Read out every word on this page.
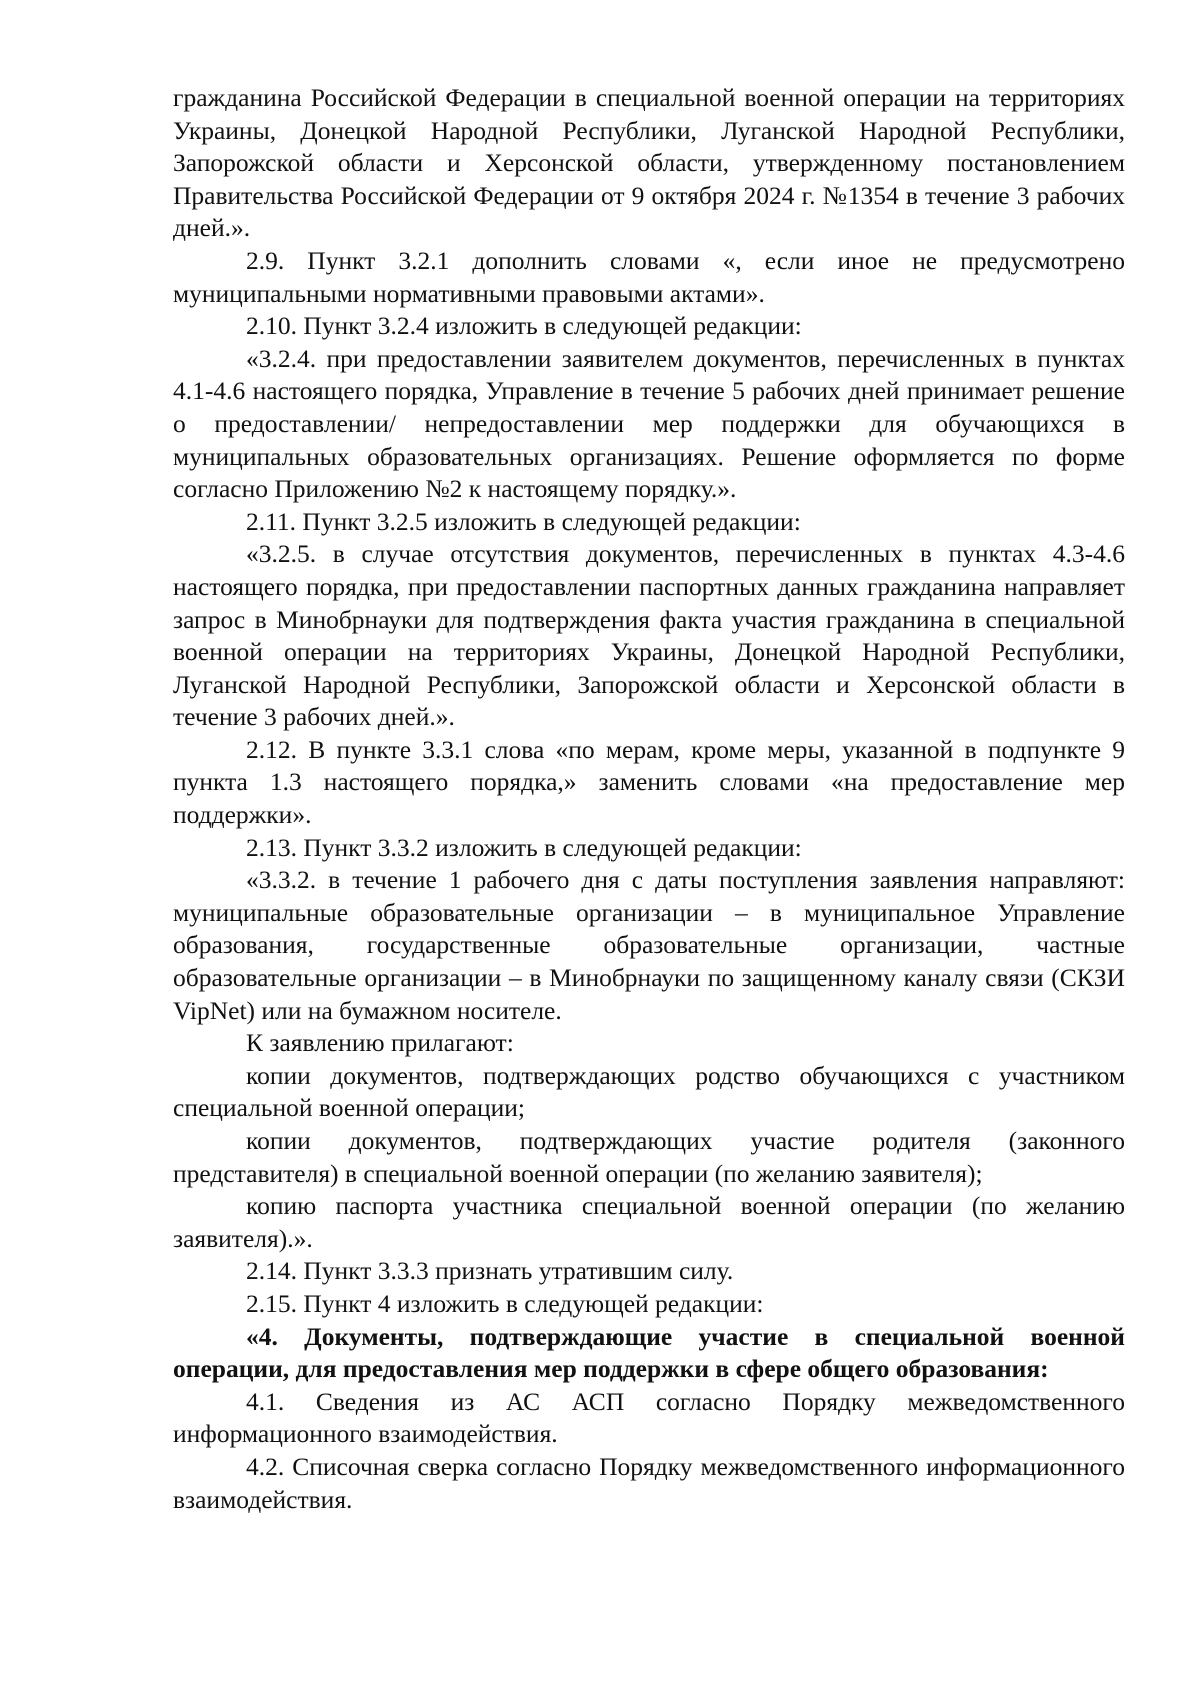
гражданина Российской Федерации в специальной военной операции на территориях Украины, Донецкой Народной Республики, Луганской Народной Республики, Запорожской области и Херсонской области, утвержденному постановлением Правительства Российской Федерации от 9 октября 2024 г. №1354 в течение 3 рабочих дней.».

2.9. Пункт 3.2.1 дополнить словами «, если иное не предусмотрено муниципальными нормативными правовыми актами».

2.10. Пункт 3.2.4 изложить в следующей редакции:

«3.2.4. при предоставлении заявителем документов, перечисленных в пунктах 4.1-4.6 настоящего порядка, Управление в течение 5 рабочих дней принимает решение о предоставлении/ непредоставлении мер поддержки для обучающихся в муниципальных образовательных организациях. Решение оформляется по форме согласно Приложению №2 к настоящему порядку.».

2.11. Пункт 3.2.5 изложить в следующей редакции:

«3.2.5. в случае отсутствия документов, перечисленных в пунктах 4.3-4.6 настоящего порядка, при предоставлении паспортных данных гражданина направляет запрос в Минобрнауки для подтверждения факта участия гражданина в специальной военной операции на территориях Украины, Донецкой Народной Республики, Луганской Народной Республики, Запорожской области и Херсонской области в течение 3 рабочих дней.».

2.12. В пункте 3.3.1 слова «по мерам, кроме меры, указанной в подпункте 9 пункта 1.3 настоящего порядка,» заменить словами «на предоставление мер поддержки».

2.13. Пункт 3.3.2 изложить в следующей редакции:

«3.3.2. в течение 1 рабочего дня с даты поступления заявления направляют: муниципальные образовательные организации – в муниципальное Управление образования, государственные образовательные организации, частные образовательные организации – в Минобрнауки по защищенному каналу связи (СКЗИ VipNet) или на бумажном носителе.

К заявлению прилагают:

копии документов, подтверждающих родство обучающихся с участником специальной военной операции;

копии документов, подтверждающих участие родителя (законного представителя) в специальной военной операции (по желанию заявителя);

копию паспорта участника специальной военной операции (по желанию заявителя).».

2.14. Пункт 3.3.3 признать утратившим силу.

2.15. Пункт 4 изложить в следующей редакции:

«4. Документы, подтверждающие участие в специальной военной операции, для предоставления мер поддержки в сфере общего образования:

4.1. Сведения из АС АСП согласно Порядку межведомственного информационного взаимодействия.

4.2. Списочная сверка согласно Порядку межведомственного информационного взаимодействия.
